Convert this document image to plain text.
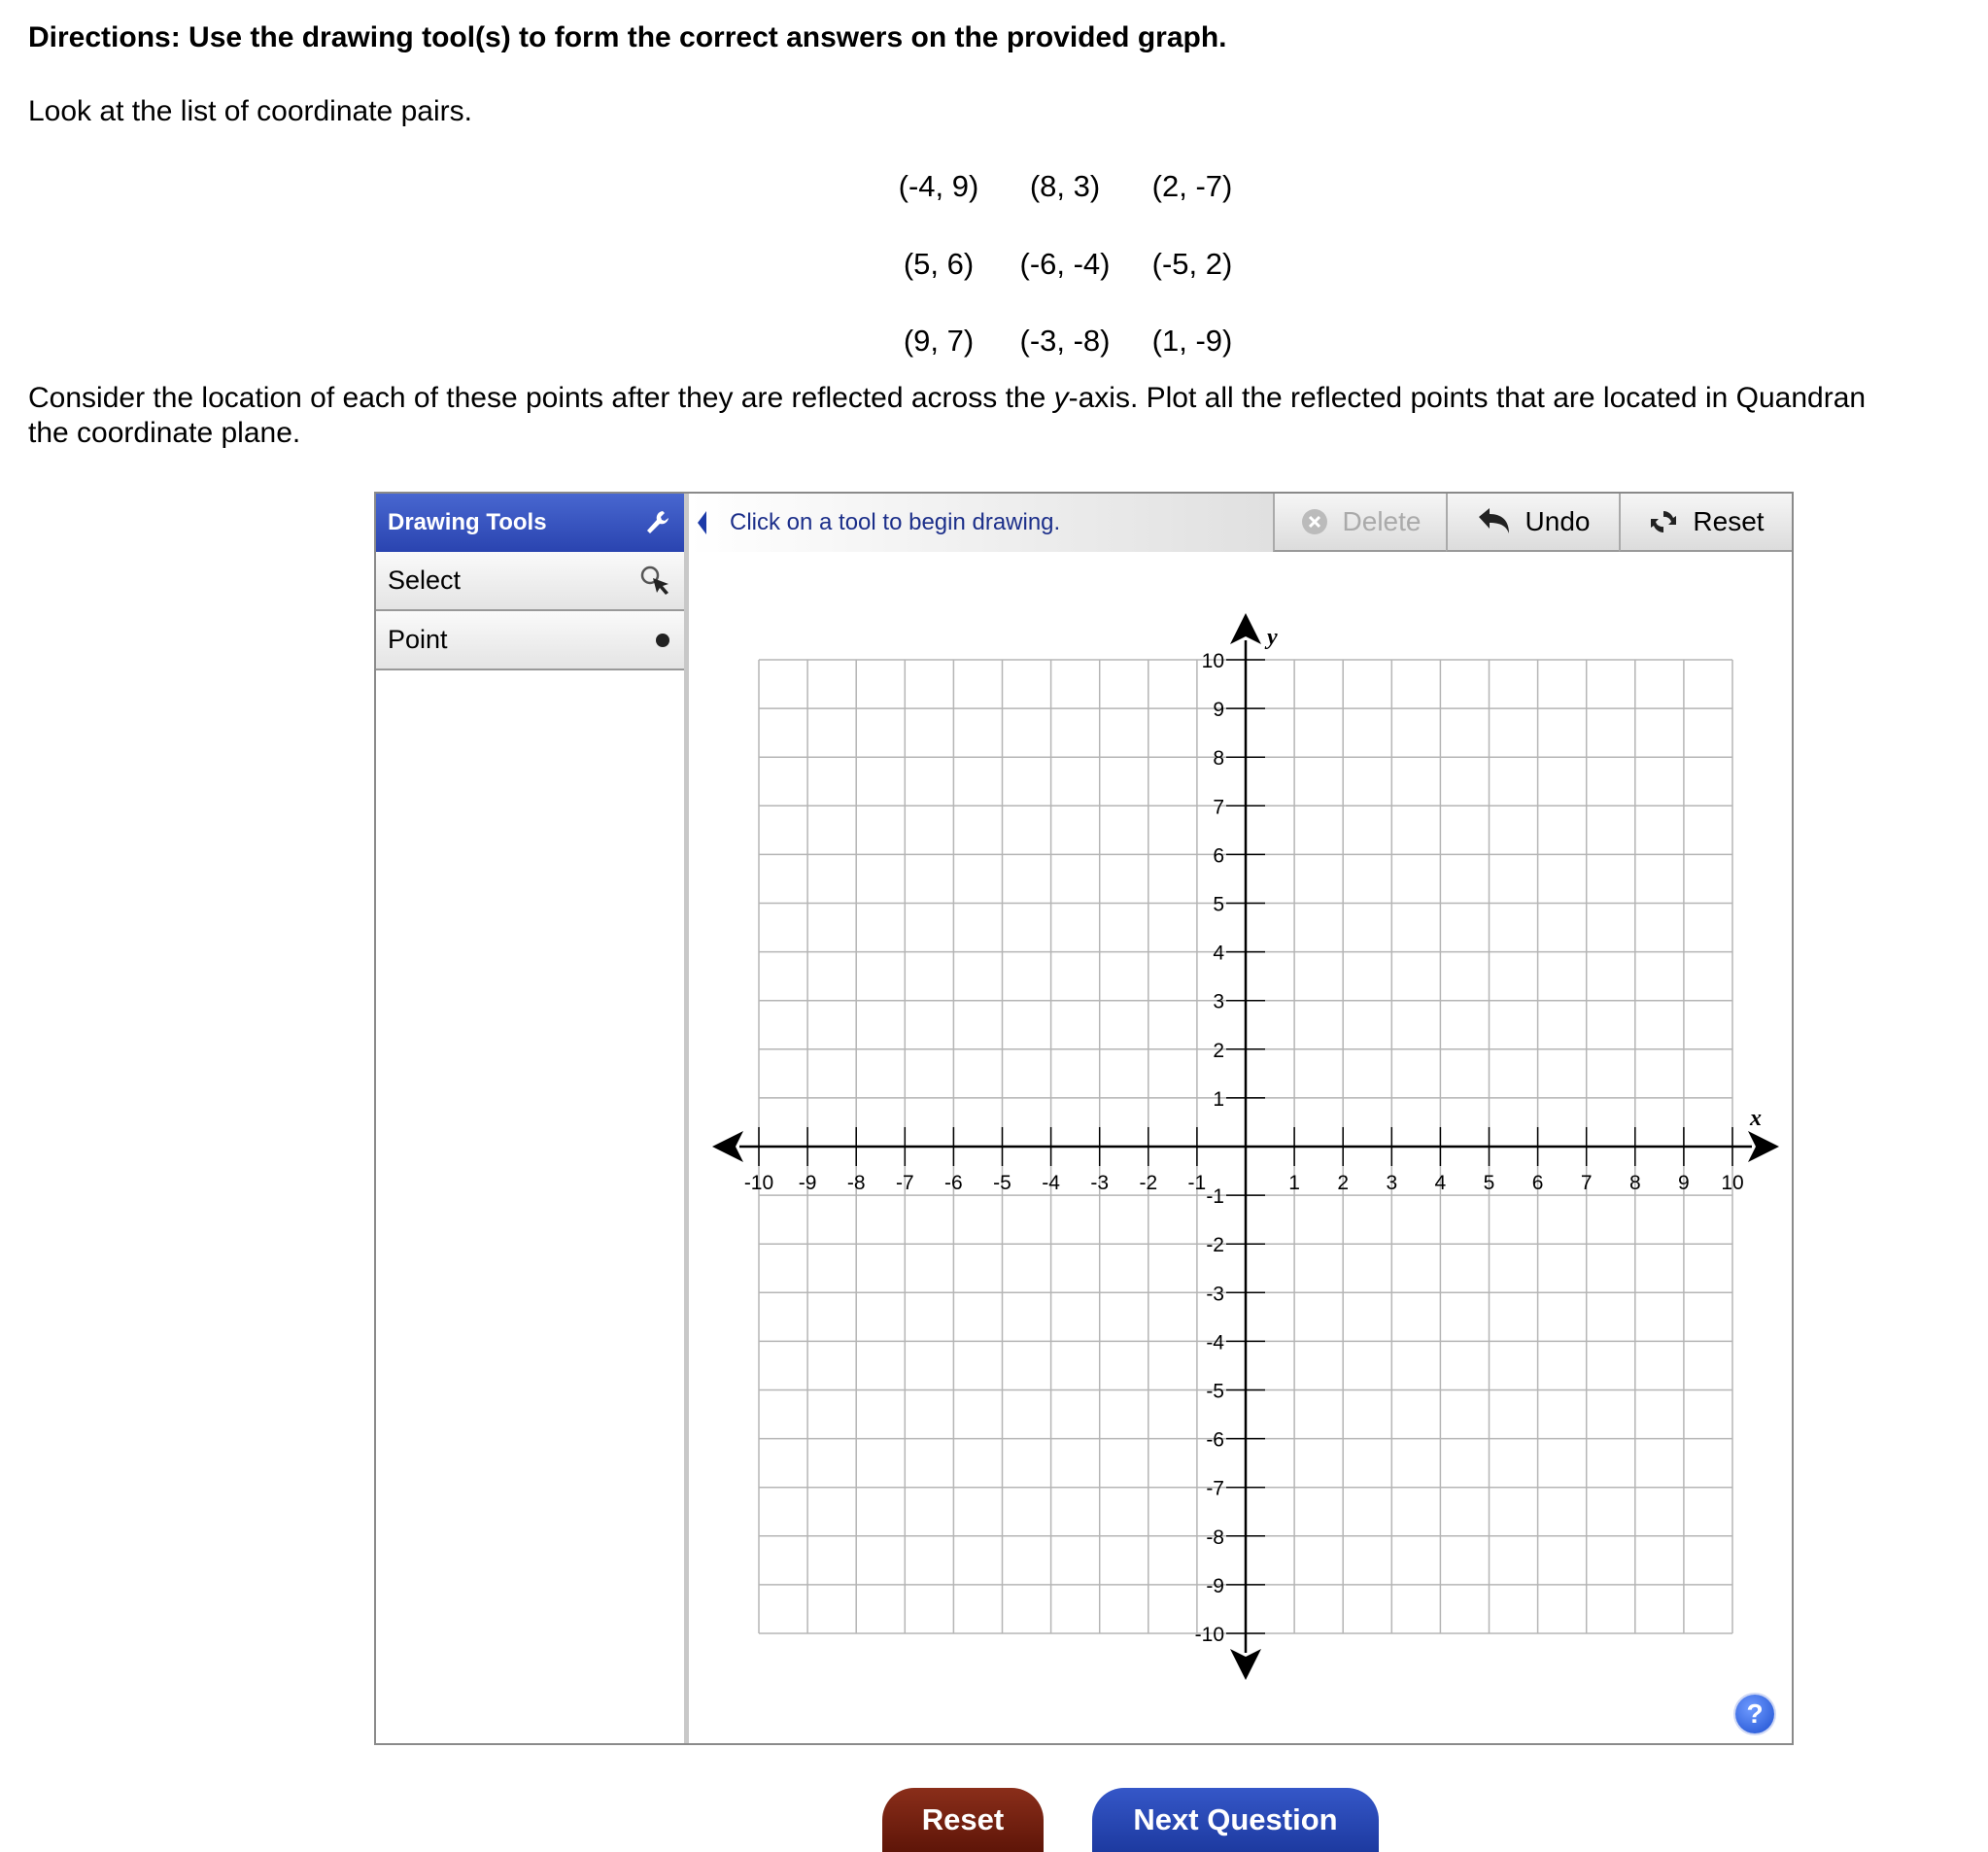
Directions: Use the drawing tool(s) to form the correct answers on the provided graph.
Look at the list of coordinate pairs.
(-4, 9)	(8, 3)	(2, -7)
(5, 6)	(-6, -4)	(-5, 2)
(9, 7)	(-3, -8)	(1, -9)
Consider the location of each of these points after they are reflected across the y-axis. Plot all the reflected points that are located in Quandran
the coordinate plane.
x
y
-10 -9 -8 -7 -6 -5 -4 -3 -2 -1	1 2 3 4 5 6 7 8 9 10
-10
-9
-8
-7
-6
-5
-4
-3
-2
-1
1
2
3
4
5
6
7
8
9
10
Drawing Tools
Select
Point
Click on a tool to begin drawing.	Delete	Undo	Reset
?
Reset	Next Question
